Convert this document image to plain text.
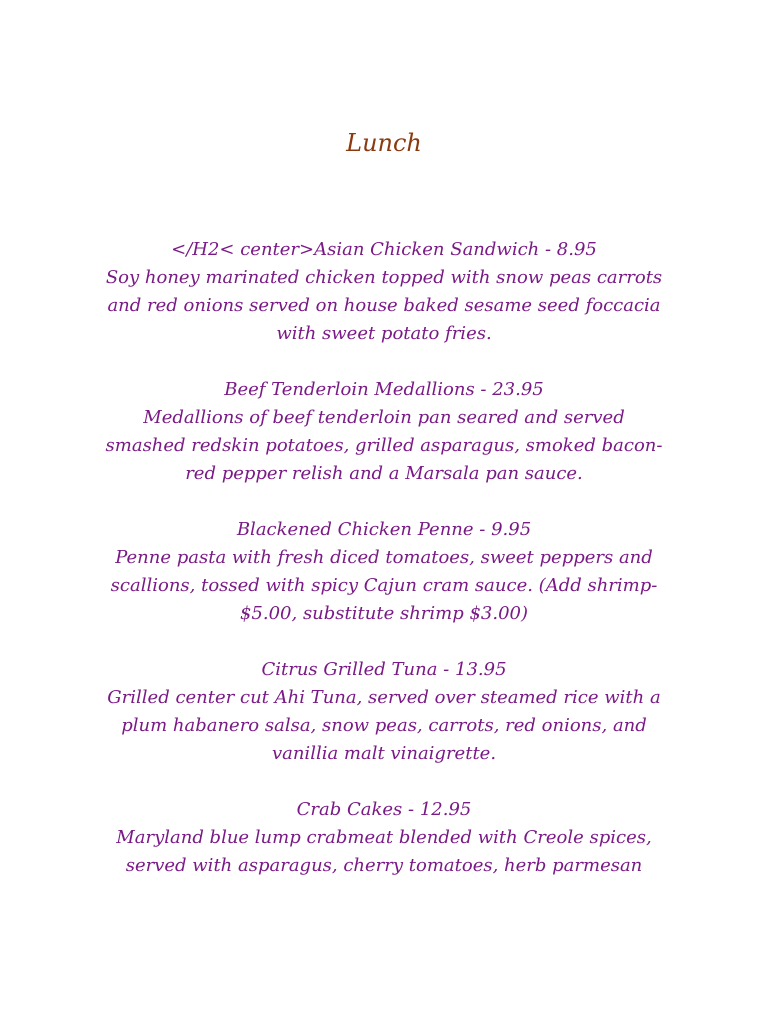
Lunch
</H2< center>Asian Chicken Sandwich - 8.95
Soy honey marinated chicken topped with snow peas carrots and red onions served on house baked sesame seed foccacia with sweet potato fries.
Beef Tenderloin Medallions - 23.95
Medallions of beef tenderloin pan seared and served smashed redskin potatoes, grilled asparagus, smoked bacon-red pepper relish and a Marsala pan sauce.
Blackened Chicken Penne - 9.95
Penne pasta with fresh diced tomatoes, sweet peppers and scallions, tossed with spicy Cajun cram sauce. (Add shrimp- $5.00, substitute shrimp $3.00)
Citrus Grilled Tuna - 13.95
Grilled center cut Ahi Tuna, served over steamed rice with a plum habanero salsa, snow peas, carrots, red onions, and vanillia malt vinaigrette.
Crab Cakes - 12.95
Maryland blue lump crabmeat blended with Creole spices, served with asparagus, cherry tomatoes, herb parmesan
